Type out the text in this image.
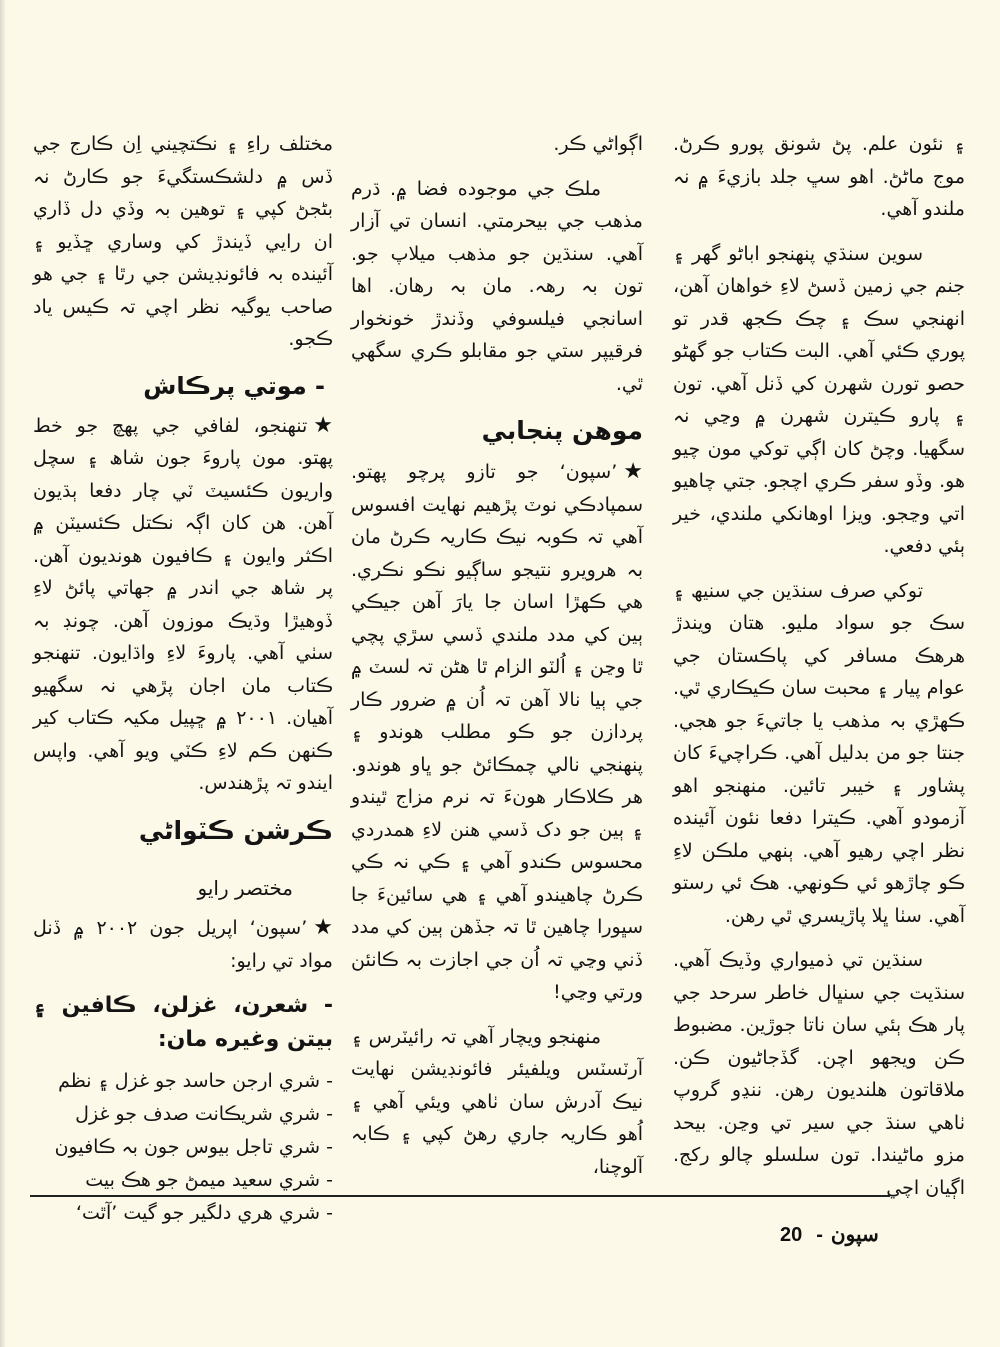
۽ نئون علم. پڻ شونق پورو ڪرڻ. موج ماڻڻ. اهو سڀ جلد بازيءَ ۾ نہ ملندو آهي.

سوين سنڌي پنهنجو اباڻو گهر ۽ جنم جي زمين ڏسڻ لاءِ خواهان آهن، انهنجي سڪ ۽ چڪ ڪجھ قدر تو پوري ڪئي آهي. البت ڪتاب جو گهڻو حصو تورن شهرن کي ڏنل آهي. تون ۽ پارو ڪيترن شهرن ۾ وڃي نہ سگهيا. وچڻ کان اڳي توکي مون چيو هو. وڏو سفر ڪري اچجو. جتي چاهيو اتي وڃجو. ويزا اوهانکي ملندي، خير ٻئي دفعي.

توکي صرف سنڌين جي سنيھ ۽ سڪ جو سواد مليو. هتان ويندڙ هرهڪ مسافر کي پاڪستان جي عوام پيار ۽ محبت سان ڪيڪاري ٿي. ڪهڙي بہ مذهب يا جاتيءَ جو هجي. جنتا جو من بدليل آهي. ڪراچيءَ کان پشاور ۽ خيبر تائين. منهنجو اهو آزمودو آهي. ڪيترا دفعا نئون آئينده نظر اچي رهيو آهي. ٻنهي ملڪن لاءِ ڪو چاڙهو ئي ڪونهي. هڪ ئي رستو آهي. سٺا ڀلا پاڙيسري ٿي رهن.

سنڌين تي ذميواري وڏيڪ آهي. سنڌيت جي سنڀال خاطر سرحد جي پار هڪ ٻئي سان ناتا جوڙين. مضبوط ڪن ويجهو اچن. گڏجاڻيون ڪن. ملاقاتون هلنديون رهن. ننڍو گروپ ٺاهي سنڌ جي سير تي وڃن. بيحد مزو ماڻيندا. تون سلسلو چالو رکج. اڳيان اچي

اڳواڻي ڪر.

ملڪ جي موجوده فضا ۾. ڌرم مذهب جي بيحرمتي. انسان تي آزار آهي. سنڌين جو مذهب ميلاپ جو. تون بہ رهہ. مان بہ رهان. اها اسانجي فيلسوفي وڏندڙ خونخوار فرقيپر ستي جو مقابلو ڪري سگهي ٿي.

موهن پنجابي

★’سپون‘ جو تازو پرچو پهتو. سمپادڪي نوٽ پڙهيم نهايت افسوس آهي تہ ڪوبہ نيڪ ڪاريہ ڪرڻ مان بہ هرويرو نتيجو ساڳيو نڪو نڪري. هي ڪهڙا اسان جا يارَ آهن جيڪي ٻين کي مدد ملندي ڏسي سڙي پچي ٿا وڃن ۽ اُلٽو الزام ٿا هڻن تہ لسٽ ۾ جي ٻيا نالا آهن تہ اُن ۾ ضرور ڪار پردازن جو ڪو مطلب هوندو ۽ پنهنجي نالي چمڪائڻ جو ڀاو هوندو. هر ڪلاڪار هونءَ تہ نرم مزاج ٿيندو ۽ ٻين جو دک ڏسي هنن لاءِ همدردي محسوس ڪندو آهي ۽ ڪي نہ ڪي ڪرڻ چاهيندو آهي ۽ هي سائينءَ جا سڀورا چاهين ٿا تہ جڏهن ٻين کي مدد ڏني وڃي تہ اُن جي اجازت بہ ڪانئن ورتي وڃي!

منهنجو ويچار آهي تہ رائيٽرس ۽ آرٽسٽس ويلفيئر فائونڊيشن نهايت نيڪ آدرش سان ٺاهي ويئي آهي ۽ اُهو ڪاريہ جاري رهڻ کپي ۽ ڪابہ آلوچنا،

مختلف راءِ ۽ نڪتچيني اِن ڪارج جي ڏس ۾ دلشڪستگيءَ جو ڪارڻ نہ بڻجڻ کپي ۽ توهين بہ وڏي دل ڏاري ان رايي ڏيندڙ کي وساري ڇڏيو ۽ آئينده بہ فائونڊيشن جي رٿا ۽ جي هو صاحب يوگيہ نظر اچي تہ ڪيس ياد ڪجو.

- موتي پرڪاش

★تنهنجو، لفافي جي پهچ جو خط پهتو. مون پاروءَ جون شاھ ۽ سچل واريون ڪئسيٽ ٽي چار دفعا ٻڌيون آهن. هن کان اڳہ نڪتل ڪئسيٽن ۾ اڪثر وايون ۽ ڪافيون هونديون آهن. پر شاھ جي اندر ۾ جهاتي پائڻ لاءِ ڏوهيڙا وڌيڪ موزون آهن. چونڊ بہ سٺي آهي. پاروءَ لاءِ واڌايون. تنهنجو ڪتاب مان اجان پڙهي نہ سگهيو آهيان. ٢٠٠١ ۾ ڇپيل مکيہ ڪتاب کير ڪنهن ڪم لاءِ ڪٽي ويو آهي. واپس ايندو تہ پڙهندس.

ڪرشن ڪٽواڻي
مختصر رايو

★’سپون‘ اپريل جون ٢٠٠٢ ۾ ڏنل مواد تي رايو:

- شعرن، غزلن، ڪافين ۽ بيتن وغيره مان:
- شري ارجن حاسد جو غزل ۽ نظم
- شري شريڪانت صدف جو غزل
- شري تاجل بيوس جون بہ ڪافيون
- شري سعيد ميمڻ جو هڪ بيت
- شري هري دلگير جو گيت ’آٿت‘
20 - سپون
